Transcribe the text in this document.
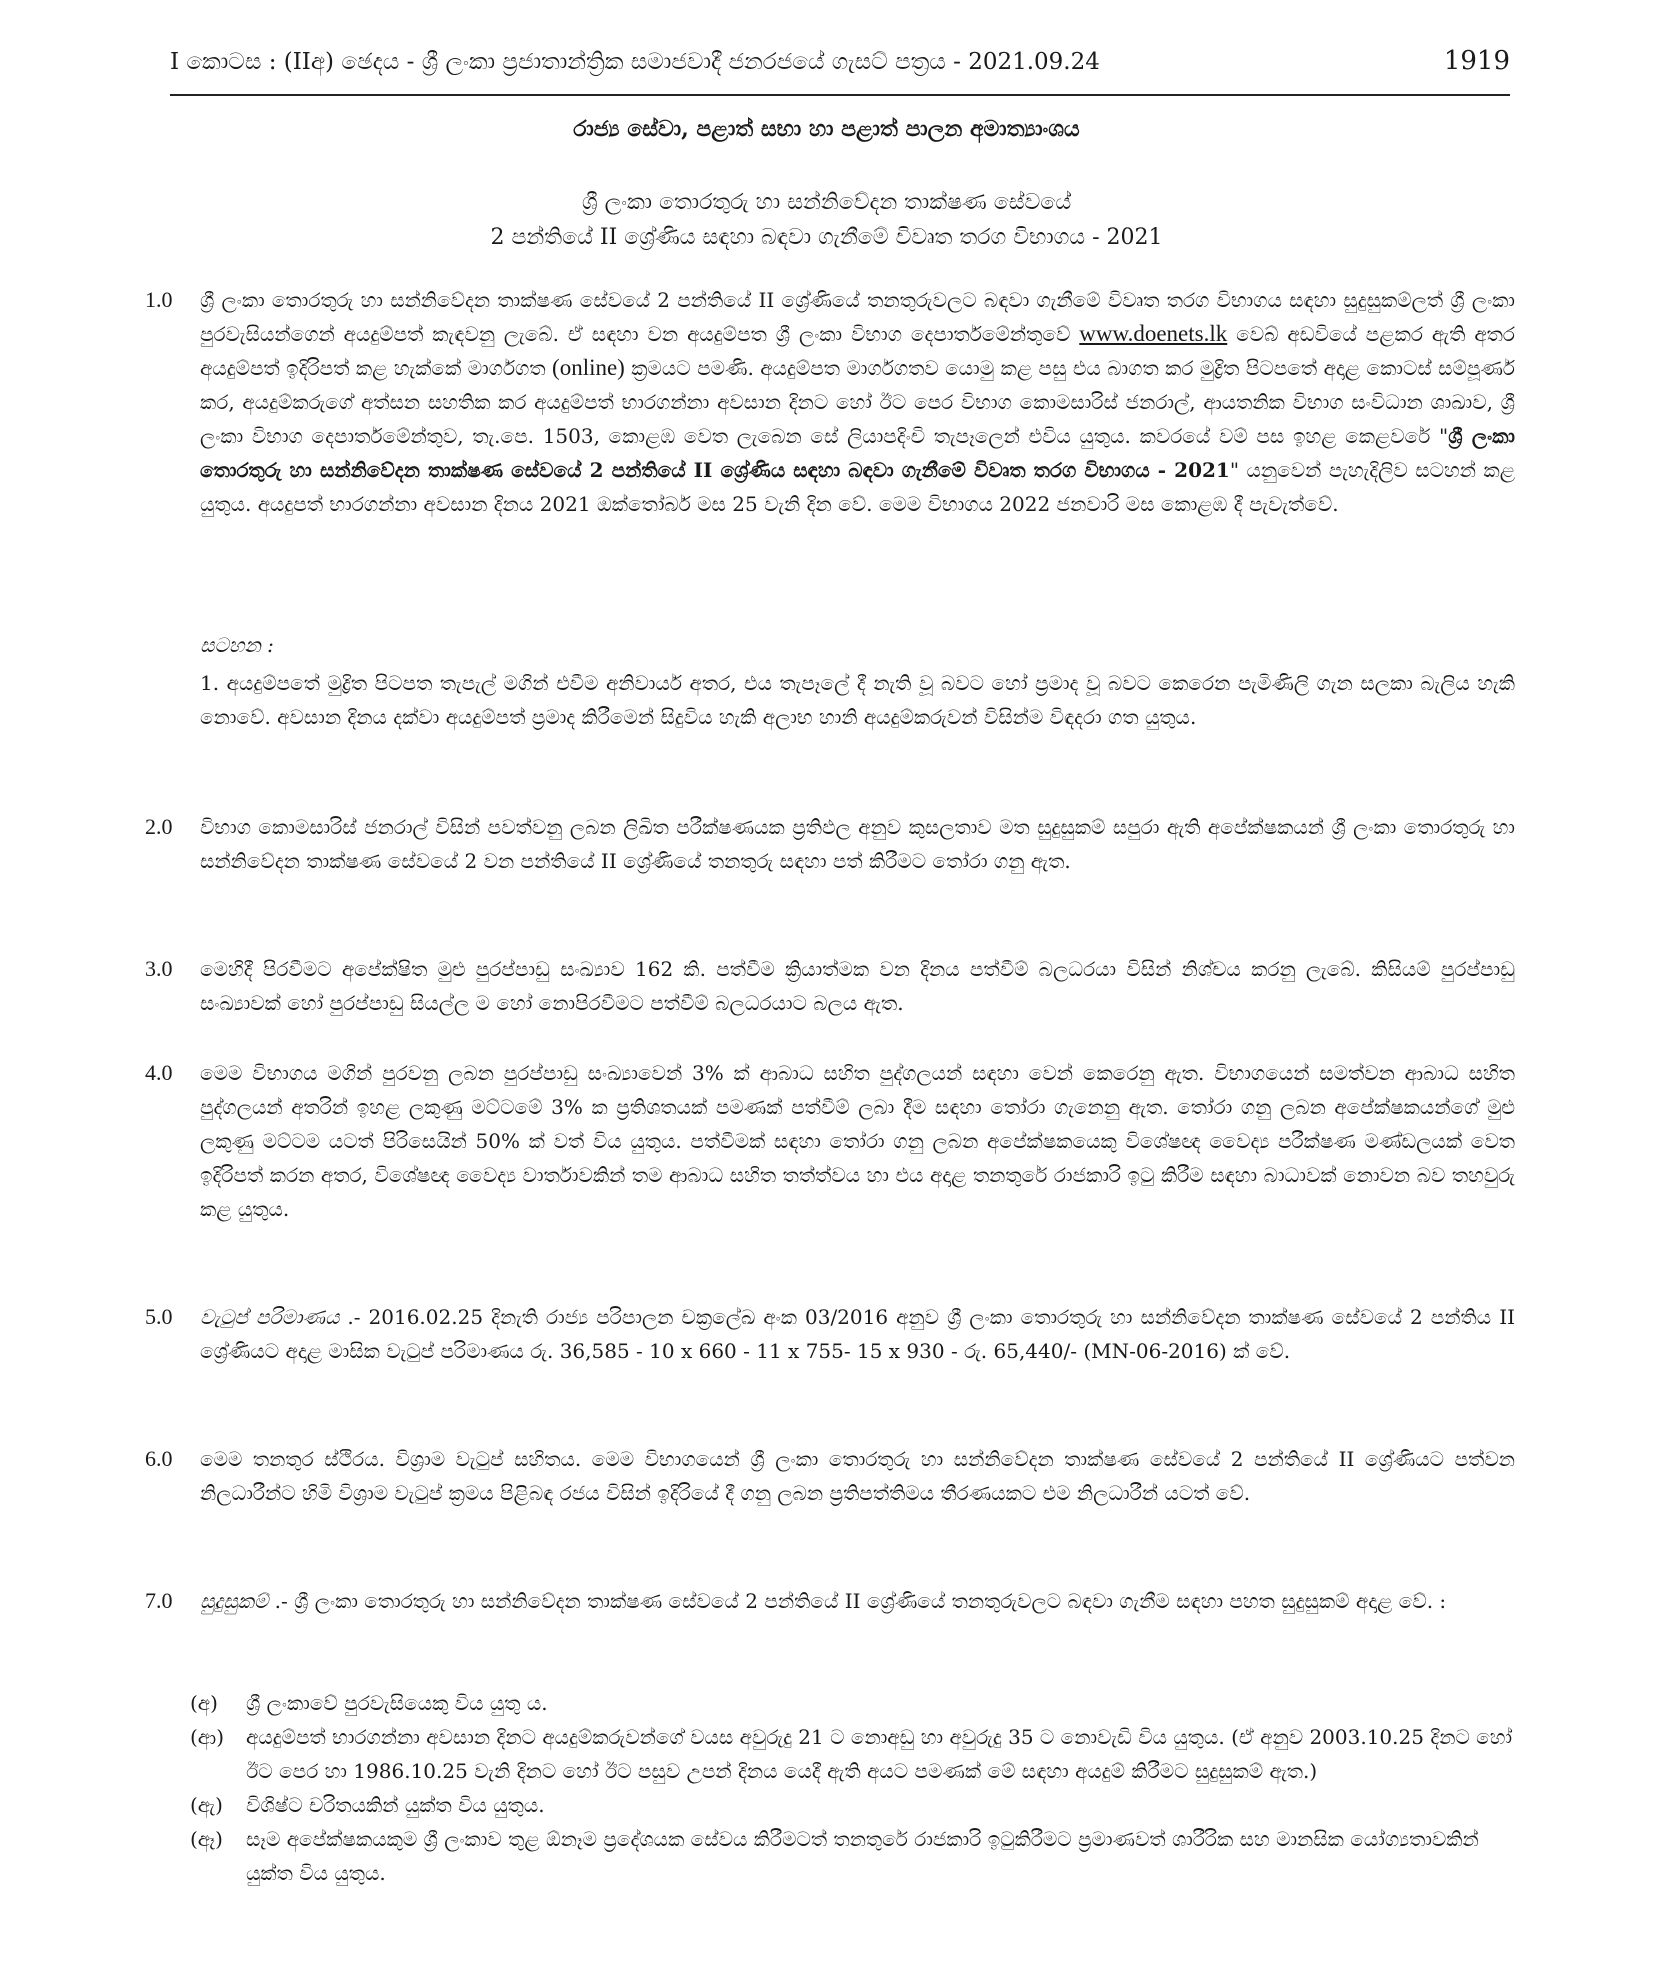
I කොටස : (IIඅ) ඡෙදය - ශ්‍රී ලංකා ප්‍රජාතාන්ත්‍රික සමාජවාදී ජනරජයේ ගැසට් පත්‍රය - 2021.09.24	1919
රාජ්‍ය සේවා, පළාත් සභා හා පළාත් පාලන අමාත්‍යාංශය
ශ්‍රී ලංකා තොරතුරු හා සන්නිවේදන තාක්ෂණ සේවයේ
2 පන්තියේ II ශ්‍රේණිය සඳහා බඳවා ගැනීමේ විවෘත තරග විභාගය - 2021
1.0	ශ්‍රී ලංකා තොරතුරු හා සන්නිවේදන තාක්ෂණ සේවයේ 2 පන්තියේ II ශ්‍රේණියේ තනතුරුවලට බඳවා ගැනීමේ විවෘත තරග විභාගය සඳහා සුදුසුකම්ලත් ශ්‍රී ලංකා පුරවැසියන්ගෙන් අයදුම්පත් කැඳවනු ලැබේ. ඒ සඳහා වන අයදුම්පත ශ්‍රී ලංකා විභාග දෙපාර්තමේන්තුවේ www.doenets.lk වෙබ් අඩවියේ පළකර ඇති අතර අයදුම්පත් ඉදිරිපත් කළ හැක්කේ මාර්ගගත (online) ක්‍රමයට පමණි. අයදුම්පත මාර්ගගතව යොමු කළ පසු එය බාගත කර මුද්‍රිත පිටපතේ අදාළ කොටස් සම්පූර්ණ කර, අයදුම්කරුගේ අත්සන සහතික කර අයදුම්පත් භාරගන්නා අවසාන දිනට හෝ ඊට පෙර විභාග කොමසාරිස් ජනරාල්, ආයතනික විභාග සංවිධාන ශාඛාව, ශ්‍රී ලංකා විභාග දෙපාර්තමේන්තුව, තැ.පෙ. 1503, කොළඹ වෙත ලැබෙන සේ ලියාපදිංචි තැපෑලෙන් එවිය යුතුය. කවරයේ වම් පස ඉහළ කෙළවරේ "ශ්‍රී ලංකා තොරතුරු හා සන්නිවේදන තාක්ෂණ සේවයේ 2 පන්තියේ II ශ්‍රේණිය සඳහා බඳවා ගැනීමේ විවෘත තරග විභාගය - 2021" යනුවෙන් පැහැදිලිව සටහන් කළ යුතුය. අයදුපත් භාරගන්නා අවසාන දිනය 2021 ඔක්තෝබර් මස 25 වැනි දින වේ. මෙම විභාගය 2022 ජනවාරි මස කොළඹ දී පැවැත්වේ.
සටහන :
1. අයදුම්පතේ මුද්‍රිත පිටපත තැපැල් මගින් එවීම අනිවාර්ය අතර, එය තැපෑලේ දී නැති වූ බවට හෝ ප්‍රමාද වූ බවට කෙරෙන පැමිණිලි ගැන සලකා බැලිය හැකි නොවේ. අවසාන දිනය දක්වා අයදුම්පත් ප්‍රමාද කිරීමෙන් සිදුවිය හැකි අලාභ හානි අයදුම්කරුවන් විසින්ම විඳදරා ගත යුතුය.
2.0	විභාග කොමසාරිස් ජනරාල් විසින් පවත්වනු ලබන ලිඛිත පරීක්ෂණයක ප්‍රතිඵල අනුව කුසලතාව මත සුදුසුකම් සපුරා ඇති අපේක්ෂකයන් ශ්‍රී ලංකා තොරතුරු හා සන්නිවේදන තාක්ෂණ සේවයේ 2 වන පන්තියේ II ශ්‍රේණියේ තනතුරු සඳහා පත් කිරීමට තෝරා ගනු ඇත.
3.0	මෙහිදී පිරවීමට අපේක්ෂිත මුළු පුරප්පාඩු සංඛ්‍යාව 162 කි. පත්වීම ක්‍රියාත්මක වන දිනය පත්වීම් බලධරයා විසින් නිශ්චය කරනු ලැබේ. කිසියම් පුරප්පාඩු සංඛ්‍යාවක් හෝ පුරප්පාඩු සියල්ල ම හෝ නොපිරවීමට පත්වීම් බලධරයාට බලය ඇත.
4.0	මෙම විභාගය මගින් පුරවනු ලබන පුරප්පාඩු සංඛ්‍යාවෙන් 3% ක් ආබාධ සහිත පුද්ගලයන් සඳහා වෙන් කෙරෙනු ඇත. විභාගයෙන් සමත්වන ආබාධ සහිත පුද්ගලයන් අතරින් ඉහළ ලකුණු මට්ටමේ 3% ක ප්‍රතිශතයක් පමණක් පත්වීම් ලබා දීම සඳහා තෝරා ගැනෙනු ඇත. තෝරා ගනු ලබන අපේක්ෂකයන්ගේ මුළු ලකුණු මට්ටම යටත් පිරිසෙයින් 50% ක් වත් විය යුතුය. පත්වීමක් සඳහා තෝරා ගනු ලබන අපේක්ෂකයෙකු විශේෂඥ වෛද්‍ය පරීක්ෂණ මණ්ඩලයක් වෙත ඉදිරිපත් කරන අතර, විශේෂඥ වෛද්‍ය වාර්තාවකින් තම ආබාධ සහිත තත්ත්වය හා එය අදාළ තනතුරේ රාජකාරි ඉටු කිරීම සඳහා බාධාවක් නොවන බව තහවුරු කළ යුතුය.
5.0	වැටුප් පරිමාණය .- 2016.02.25 දිනැති රාජ්‍ය පරිපාලන චක්‍රලේඛ අංක 03/2016 අනුව ශ්‍රී ලංකා තොරතුරු හා සන්නිවේදන තාක්ෂණ සේවයේ 2 පන්තිය II ශ්‍රේණියට අදාළ මාසික වැටුප් පරිමාණය රු. 36,585 - 10 x 660 - 11 x 755- 15 x 930 - රු. 65,440/- (MN-06-2016) ක් වේ.
6.0	මෙම තනතුර ස්ථිරය. විශ්‍රාම වැටුප් සහිතය. මෙම විභාගයෙන් ශ්‍රී ලංකා තොරතුරු හා සන්නිවේදන තාක්ෂණ සේවයේ 2 පන්තියේ II ශ්‍රේණියට පත්වන නිලධාරීන්ට හිමි විශ්‍රාම වැටුප් ක්‍රමය පිළිබඳ රජය විසින් ඉදිරියේ දී ගනු ලබන ප්‍රතිපත්තිමය තීරණයකට එම නිලධාරීන් යටත් වේ.
7.0	සුදුසුකම් .- ශ්‍රී ලංකා තොරතුරු හා සන්නිවේදන තාක්ෂණ සේවයේ 2 පන්තියේ II ශ්‍රේණියේ තනතුරුවලට බඳවා ගැනීම සඳහා පහත සුදුසුකම් අදාළ වේ. :
(අ)	ශ්‍රී ලංකාවේ පුරවැසියෙකු විය යුතු ය.
(ආ)	අයදුම්පත් භාරගන්නා අවසාන දිනට අයදුම්කරුවන්ගේ වයස අවුරුදු 21 ට නොඅඩු හා අවුරුදු 35 ට නොවැඩි විය යුතුය. (ඒ අනුව 2003.10.25 දිනට හෝ ඊට පෙර හා 1986.10.25 වැනි දිනට හෝ ඊට පසුව උපන් දිනය යෙදී ඇති අයට පමණක් මේ සඳහා අයදුම් කිරීමට සුදුසුකම් ඇත.)
(ඇ)	විශිෂ්ට චරිතයකින් යුක්ත විය යුතුය.
(ඈ)	සෑම අපේක්ෂකයකුම ශ්‍රී ලංකාව තුළ ඕනෑම ප්‍රදේශයක සේවය කිරීමටත් තනතුරේ රාජකාරි ඉටුකිරීමට ප්‍රමාණවත් ශාරීරික සහ මානසික යෝග්‍යතාවකින් යුක්ත විය යුතුය.
